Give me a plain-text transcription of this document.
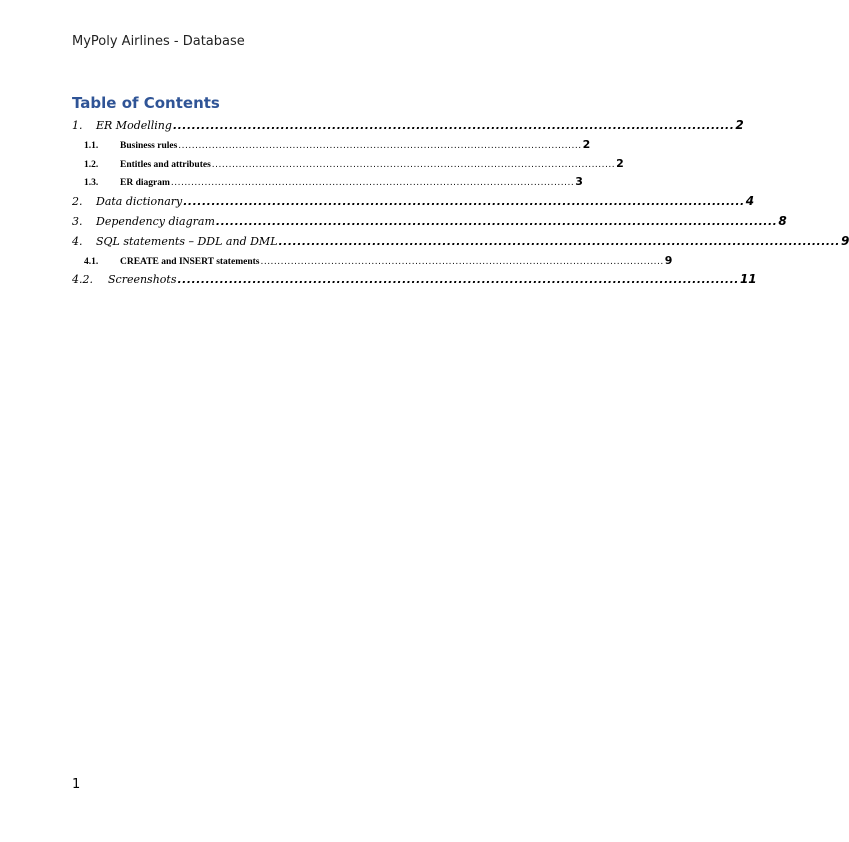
MyPoly Airlines - Database
Table of Contents
1.	ER Modelling ........................................................................................................................ 2
1.1.	Business rules ........................................................................................................................ 2
1.2.	Entitles and attributes ........................................................................................................................ 2
1.3.	ER diagram ........................................................................................................................ 3
2.	Data dictionary ........................................................................................................................ 4
3.	Dependency diagram ........................................................................................................................ 8
4.	SQL statements – DDL and DML ........................................................................................................................ 9
4.1.	CREATE and INSERT statements ........................................................................................................................ 9
4.2.	Screenshots ........................................................................................................................ 11
1
